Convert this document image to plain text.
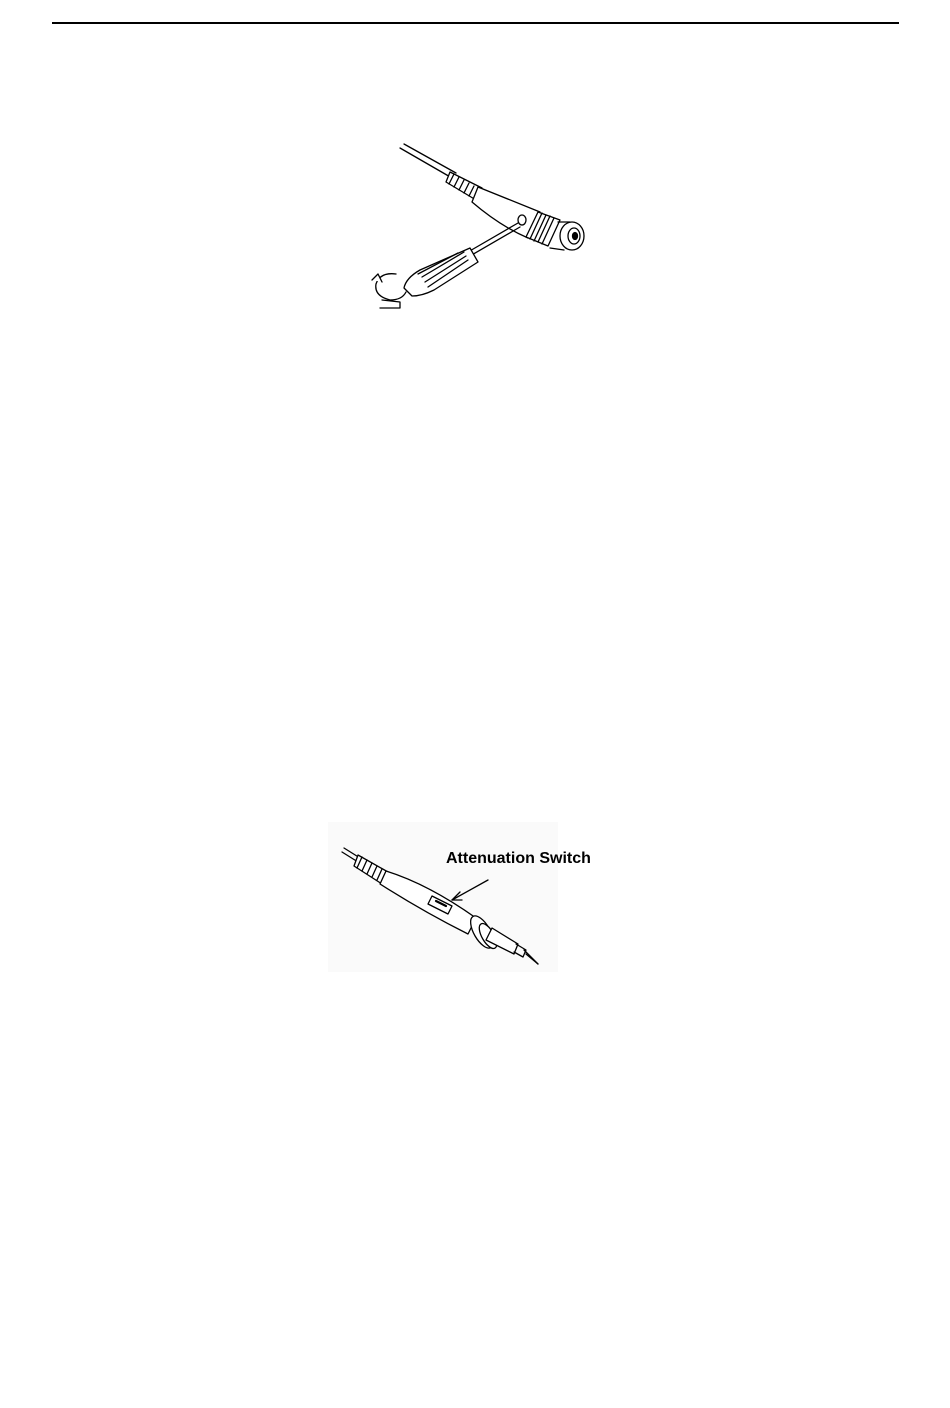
Attenuation Switch
